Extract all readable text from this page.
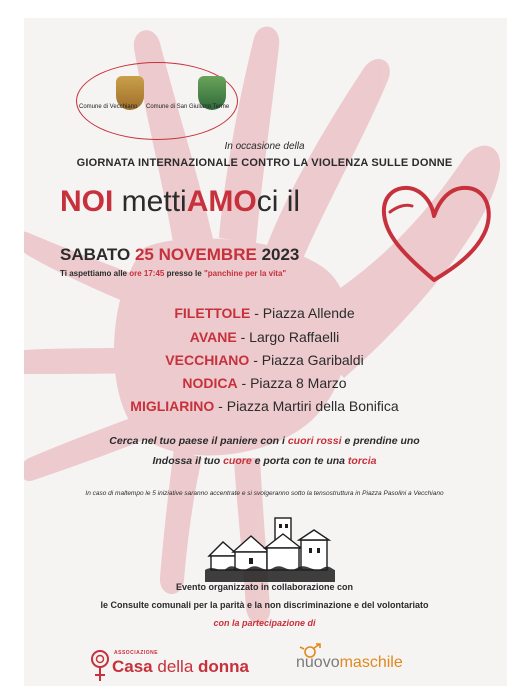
Comune di Vecchiano Comune di San Giuliano Terme
In occasione della
GIORNATA INTERNAZIONALE CONTRO LA VIOLENZA SULLE DONNE
NOI mettiAMOci il
SABATO 25 NOVEMBRE 2023
Ti aspettiamo alle ore 17:45 presso le "panchine per la vita"
FILETTOLE - Piazza Allende
AVANE - Largo Raffaelli
VECCHIANO - Piazza Garibaldi
NODICA - Piazza 8 Marzo
MIGLIARINO - Piazza Martiri della Bonifica
Cerca nel tuo paese il paniere con i cuori rossi e prendine uno
Indossa il tuo cuore e porta con te una torcia
In caso di maltempo le 5 iniziative saranno accentrate e si svolgeranno sotto la tensostruttura in Piazza Pasolini a Vecchiano
Evento organizzato in collaborazione con
le Consulte comunali per la parità e la non discriminazione e del volontariato
con la partecipazione di
ASSOCIAZIONE
Casa della donna	nuovomaschile
